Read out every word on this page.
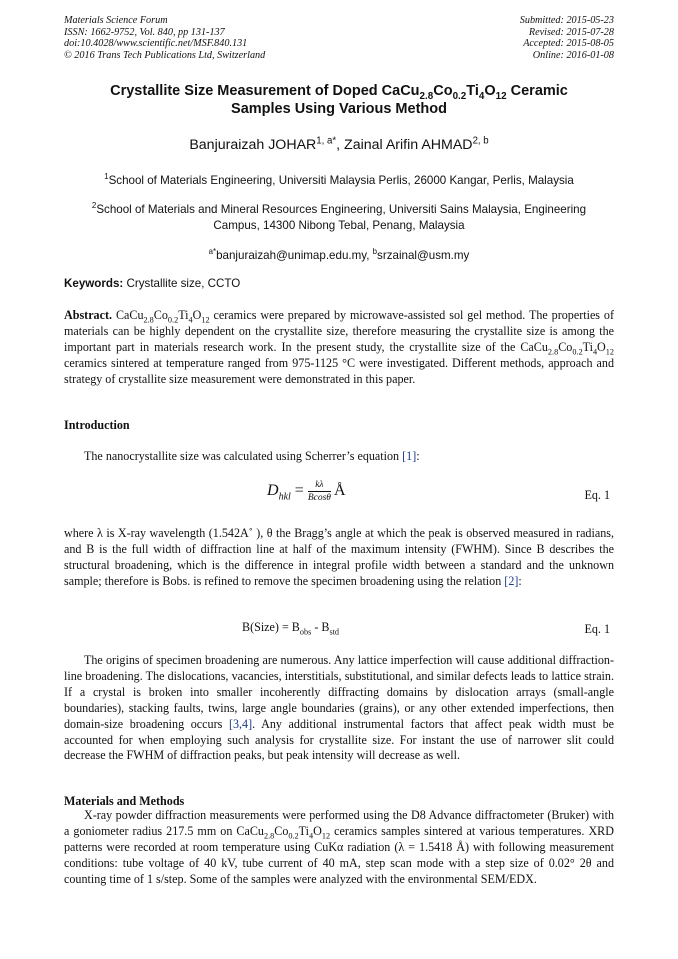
Materials Science Forum
ISSN: 1662-9752, Vol. 840, pp 131-137
doi:10.4028/www.scientific.net/MSF.840.131
© 2016 Trans Tech Publications Ltd, Switzerland
Submitted: 2015-05-23
Revised: 2015-07-28
Accepted: 2015-08-05
Online: 2016-01-08
Crystallite Size Measurement of Doped $CaCu_{2.8}Co_{0.2}Ti_4O_{12}$ Ceramic
Samples Using Various Method
Banjuraizah $JOHAR^{1, a*}$, Zainal Arifin AHMAD$^{2, b}$
$^1$School of Materials Engineering, Universiti Malaysia Perlis, 26000 Kangar, Perlis, Malaysia
$^2$School of Materials and Mineral Resources Engineering, Universiti Sains Malaysia, Engineering
Campus, 14300 Nibong Tebal, Penang, Malaysia
$^{a*}$banjuraizah@unimap.edu.my, $^b$srzainal@usm.my
Keywords: Crystallite size, CCTO
Abstract. $CaCu_{2.8}Co_{0.2}Ti_4O_{12}$ ceramics were prepared by microwave-assisted sol gel method. The properties of materials can be highly dependent on the crystallite size, therefore measuring the crystallite size is among the important part in materials research work. In the present study, the crystallite size of the $CaCu_{2.8}Co_{0.2}Ti_4O_{12}$ ceramics sintered at temperature ranged from 975-1125 °C were investigated. Different methods, approach and strategy of crystallite size measurement were demonstrated in this paper.
Introduction
The nanocrystallite size was calculated using Scherrer’s equation [1]:
$D_{hkl} = \frac{k\lambda}{Bcos\theta}$ Å	Eq. 1
where λ is X-ray wavelength (1.542A˚ ), θ the Bragg’s angle at which the peak is observed measured in radians, and B is the full width of diffraction line at half of the maximum intensity (FWHM). Since B describes the structural broadening, which is the difference in integral profile width between a standard and the unknown sample; therefore is Bobs. is refined to remove the specimen broadening using the relation [2]:
B(Size) = $B_{obs} - B_{std}$	Eq. 1
The origins of specimen broadening are numerous. Any lattice imperfection will cause additional diffraction-line broadening. The dislocations, vacancies, interstitials, substitutional, and similar defects leads to lattice strain. If a crystal is broken into smaller incoherently diffracting domains by dislocation arrays (small-angle boundaries), stacking faults, twins, large angle boundaries (grains), or any other extended imperfections, then domain-size broadening occurs [3,4]. Any additional instrumental factors that affect peak width must be accounted for when employing such analysis for crystallite size. For instant the use of narrower slit could decrease the FWHM of diffraction peaks, but peak intensity will decrease as well.
Materials and Methods
X-ray powder diffraction measurements were performed using the D8 Advance diffractometer (Bruker) with a goniometer radius 217.5 mm on $CaCu_{2.8}Co_{0.2}Ti_4O_{12}$ ceramics samples sintered at various temperatures. XRD patterns were recorded at room temperature using CuKα radiation (λ = 1.5418 Å) with following measurement conditions: tube voltage of 40 kV, tube current of 40 mA, step scan mode with a step size of 0.02° 2θ and counting time of 1 s/step. Some of the samples were analyzed with the environmental SEM/EDX.
